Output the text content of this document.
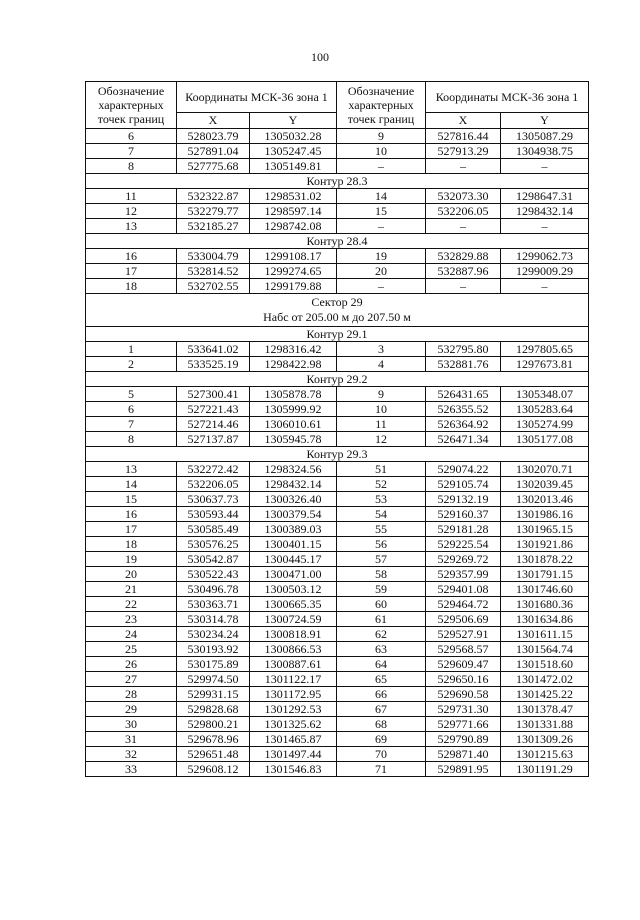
100
Обозначение характерных точек границ	Координаты МСК-36 зона 1		Обозначение характерных точек границ	Координаты МСК-36 зона 1	
	X	Y		X	Y
6	528023.79	1305032.28	9	527816.44	1305087.29
7	527891.04	1305247.45	10	527913.29	1304938.75
8	527775.68	1305149.81	–	–	–
Контур 28.3					
11	532322.87	1298531.02	14	532073.30	1298647.31
12	532279.77	1298597.14	15	532206.05	1298432.14
13	532185.27	1298742.08	–	–	–
Контур 28.4					
16	533004.79	1299108.17	19	532829.88	1299062.73
17	532814.52	1299274.65	20	532887.96	1299009.29
18	532702.55	1299179.88	–	–	–

Сектор 29
Набс от 205.00 м до 207.50 м					

Контур 29.1					
1	533641.02	1298316.42	3	532795.80	1297805.65
2	533525.19	1298422.98	4	532881.76	1297673.81
Контур 29.2					
5	527300.41	1305878.78	9	526431.65	1305348.07
6	527221.43	1305999.92	10	526355.52	1305283.64
7	527214.46	1306010.61	11	526364.92	1305274.99
8	527137.87	1305945.78	12	526471.34	1305177.08
Контур 29.3					
13	532272.42	1298324.56	51	529074.22	1302070.71
14	532206.05	1298432.14	52	529105.74	1302039.45
15	530637.73	1300326.40	53	529132.19	1302013.46
16	530593.44	1300379.54	54	529160.37	1301986.16
17	530585.49	1300389.03	55	529181.28	1301965.15
18	530576.25	1300401.15	56	529225.54	1301921.86
19	530542.87	1300445.17	57	529269.72	1301878.22
20	530522.43	1300471.00	58	529357.99	1301791.15
21	530496.78	1300503.12	59	529401.08	1301746.60
22	530363.71	1300665.35	60	529464.72	1301680.36
23	530314.78	1300724.59	61	529506.69	1301634.86
24	530234.24	1300818.91	62	529527.91	1301611.15
25	530193.92	1300866.53	63	529568.57	1301564.74
26	530175.89	1300887.61	64	529609.47	1301518.60
27	529974.50	1301122.17	65	529650.16	1301472.02
28	529931.15	1301172.95	66	529690.58	1301425.22
29	529828.68	1301292.53	67	529731.30	1301378.47
30	529800.21	1301325.62	68	529771.66	1301331.88
31	529678.96	1301465.87	69	529790.89	1301309.26
32	529651.48	1301497.44	70	529871.40	1301215.63
33	529608.12	1301546.83	71	529891.95	1301191.29
